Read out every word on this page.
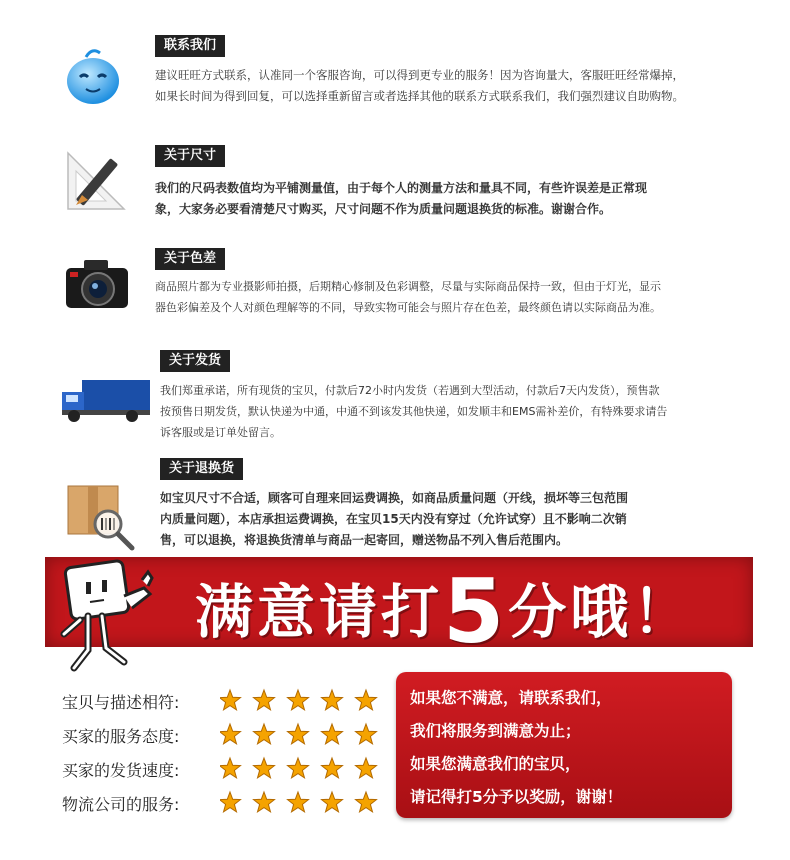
联系我们
建议旺旺方式联系，认准同一个客服咨询，可以得到更专业的服务！因为咨询量大，客服旺旺经常爆掉，
如果长时间为得到回复，可以选择重新留言或者选择其他的联系方式联系我们，我们强烈建议自助购物。
关于尺寸
我们的尺码表数值均为平铺测量值，由于每个人的测量方法和量具不同，有些许误差是正常现
象，大家务必要看清楚尺寸购买，尺寸问题不作为质量问题退换货的标准。谢谢合作。
关于色差
商品照片都为专业摄影师拍摄，后期精心修制及色彩调整，尽量与实际商品保持一致，但由于灯光，显示
器色彩偏差及个人对颜色理解等的不同，导致实物可能会与照片存在色差，最终颜色请以实际商品为准。
关于发货
我们郑重承诺，所有现货的宝贝，付款后72小时内发货（若遇到大型活动，付款后7天内发货），预售款
按预售日期发货，默认快递为中通，中通不到该发其他快递，如发顺丰和EMS需补差价，有特殊要求请告
诉客服或是订单处留言。
关于退换货
如宝贝尺寸不合适，顾客可自理来回运费调换，如商品质量问题（开线，损坏等三包范围
内质量问题），本店承担运费调换，在宝贝15天内没有穿过（允许试穿）且不影响二次销
售，可以退换，将退换货清单与商品一起寄回，赠送物品不列入售后范围内。
满意请打5分哦！
宝贝与描述相符:
买家的服务态度:
买家的发货速度:
物流公司的服务:
如果您不满意，请联系我们，
我们将服务到满意为止；
如果您满意我们的宝贝，
请记得打5分予以奖励，谢谢！
